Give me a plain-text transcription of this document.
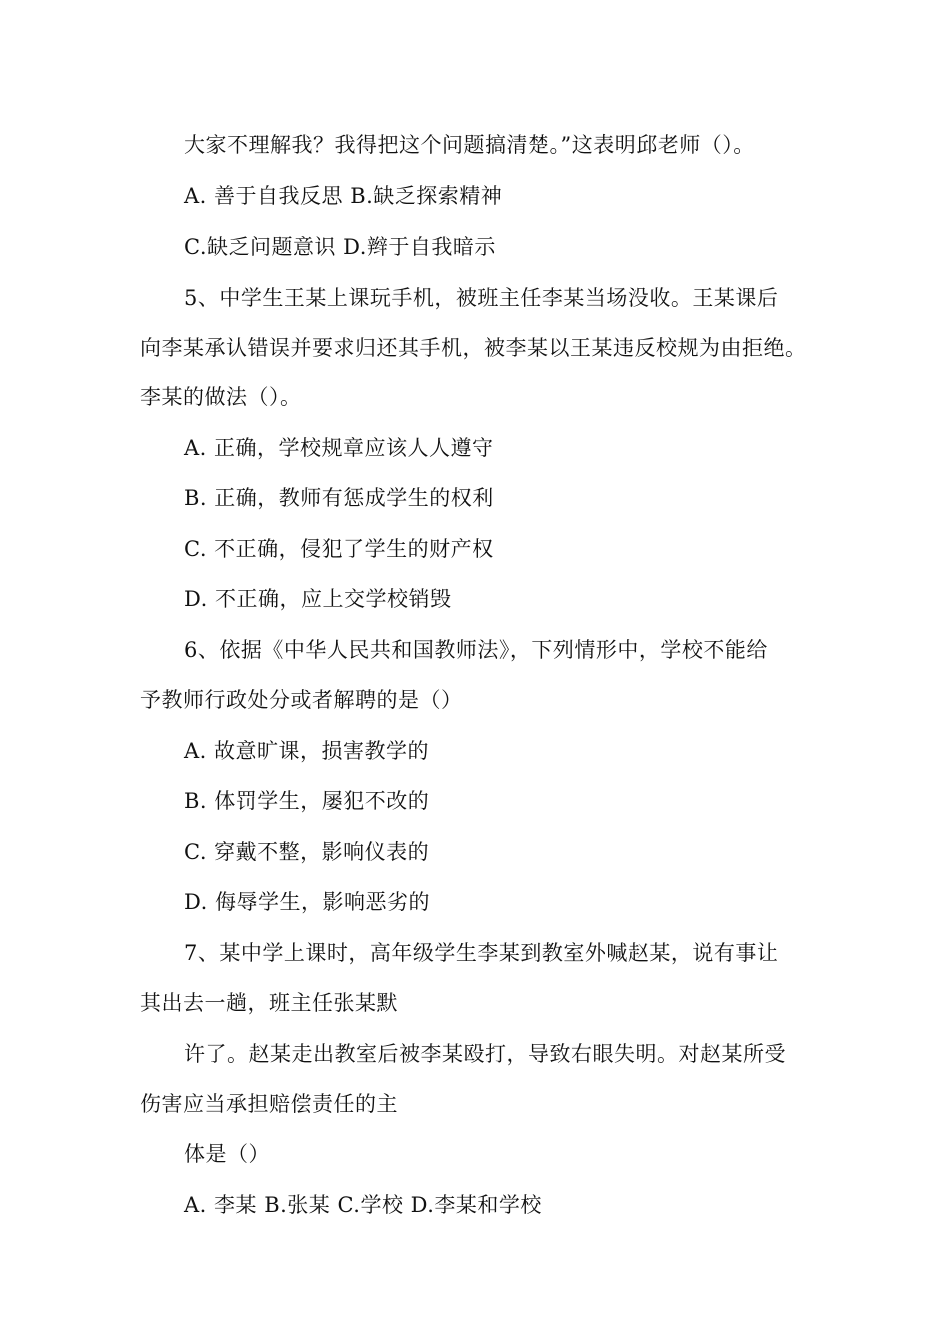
大家不理解我？我得把这个问题搞清楚。”这表明邱老师（）。
A. 善于自我反思 B.缺乏探索精神
C.缺乏问题意识 D.辫于自我暗示
5、中学生王某上课玩手机，被班主任李某当场没收。王某课后
向李某承认错误并要求归还其手机，被李某以王某违反校规为由拒绝。
李某的做法（）。
A. 正确，学校规章应该人人遵守
B. 正确，教师有惩成学生的权利
C. 不正确，侵犯了学生的财产权
D. 不正确，应上交学校销毁
6、依据《中华人民共和国教师法》，下列情形中，学校不能给
予教师行政处分或者解聘的是（）
A. 故意旷课，损害教学的
B. 体罚学生，屡犯不改的
C. 穿戴不整，影响仪表的
D. 侮辱学生，影响恶劣的
7、某中学上课时，高年级学生李某到教室外喊赵某，说有事让
其出去一趟，班主任张某默
许了。赵某走出教室后被李某殴打，导致右眼失明。对赵某所受
伤害应当承担赔偿责任的主
体是（）
A. 李某 B.张某 C.学校 D.李某和学校
